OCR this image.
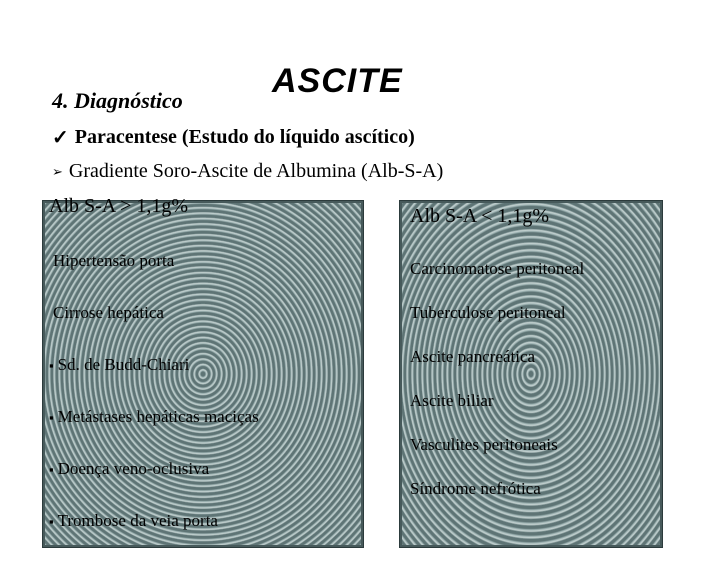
ASCITE
4. Diagnóstico
✓ Paracentese (Estudo do líquido ascítico)
➢ Gradiente Soro-Ascite de Albumina (Alb-S-A)
Alb S-A > 1,1g%
Hipertensão porta
Cirrose hepática
▪ Sd. de Budd-Chiari
▪ Metástases hepáticas maciças
▪ Doença veno-oclusiva
▪ Trombose da veia porta
Alb S-A < 1,1g%
Carcinomatose peritoneal
Tuberculose peritoneal
Ascite pancreática
Ascite biliar
Vasculites peritoneais
Síndrome nefrótica
